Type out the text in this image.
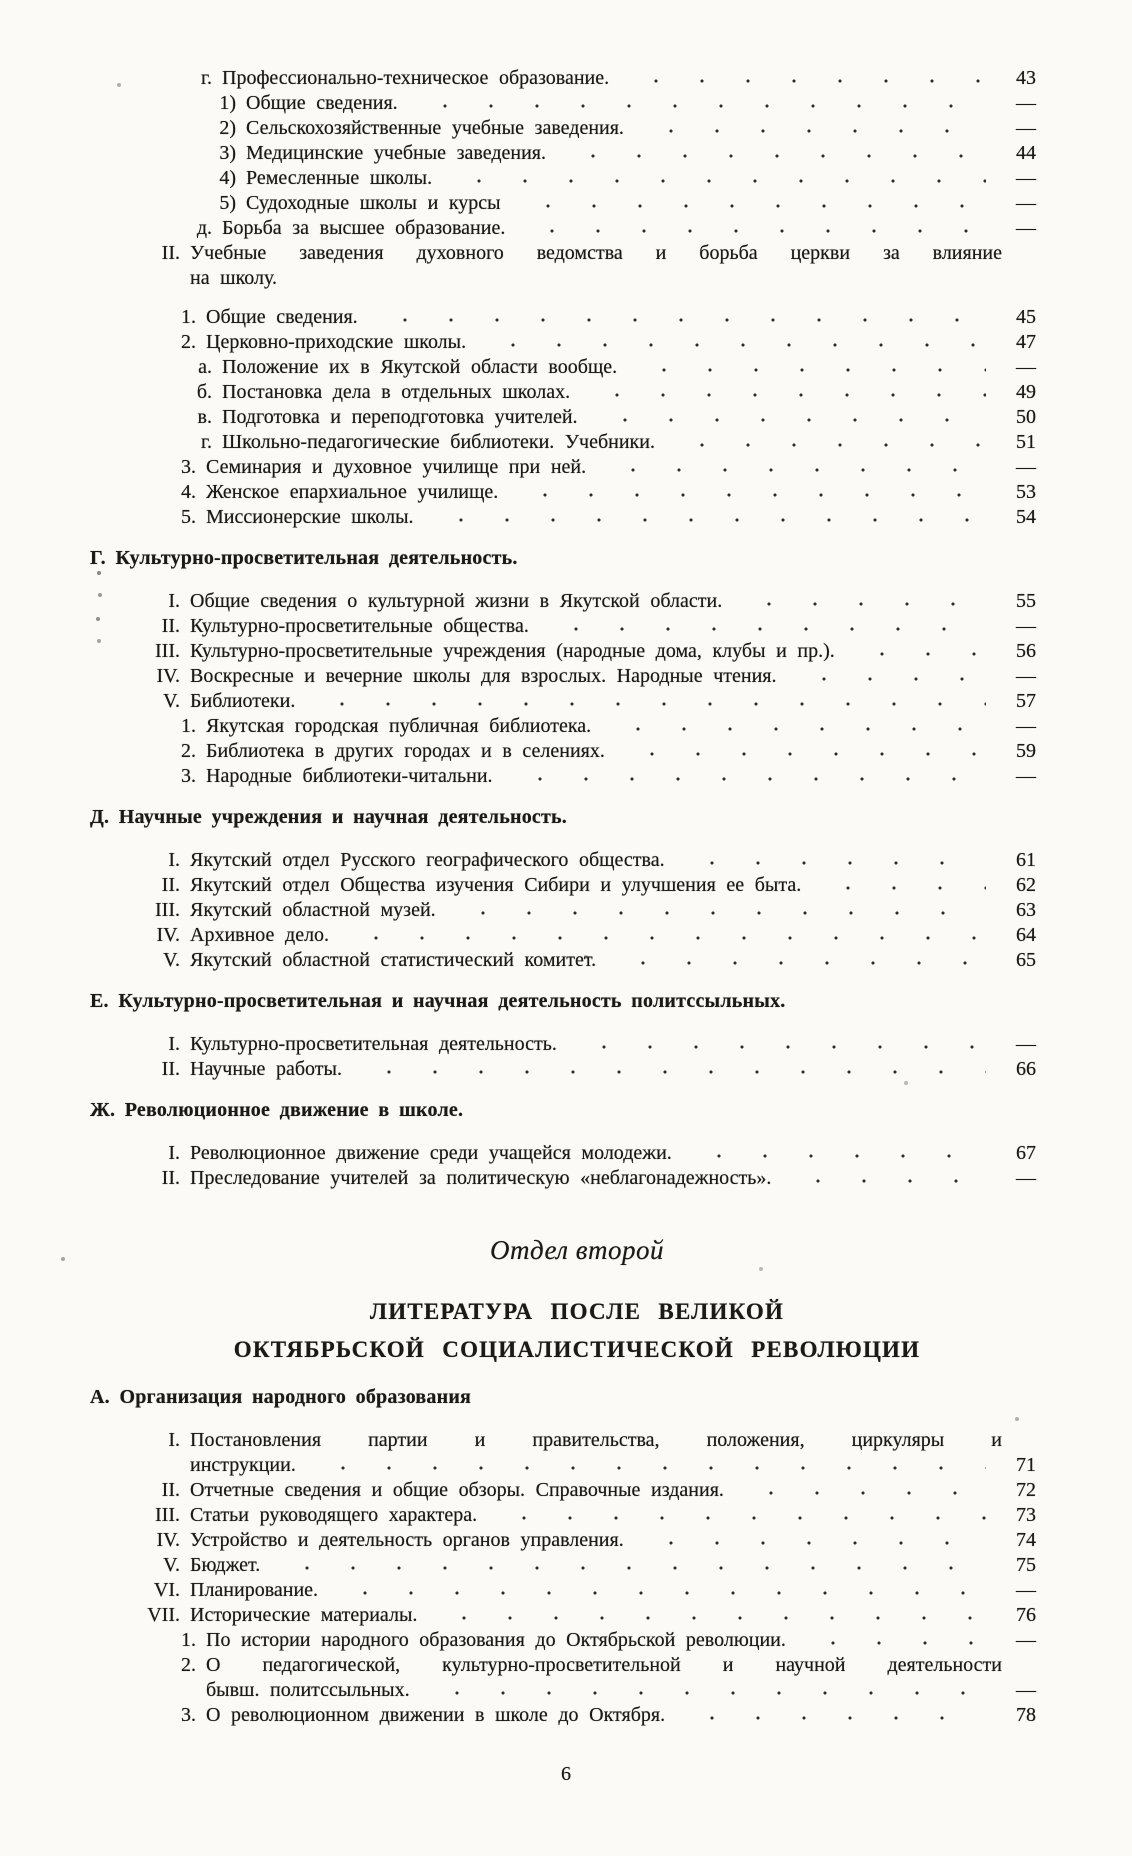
г. Профессионально-техническое образование.	43
1) Общие сведения.	—
2) Сельскохозяйственные учебные заведения.	—
3) Медицинские учебные заведения.	44
4) Ремесленные школы.	—
5) Судоходные школы и курсы	—
д. Борьба за высшее образование.	—
II. Учебные заведения духовного ведомства и борьба церкви за влияние

на школу.
1. Общие сведения.	45
2. Церковно-приходские школы.	47
а. Положение их в Якутской области вообще.	—
б. Постановка дела в отдельных школах.	49
в. Подготовка и переподготовка учителей.	50
г. Школьно-педагогические библиотеки. Учебники.	51
3. Семинария и духовное училище при ней.	—
4. Женское епархиальное училище.	53
5. Миссионерские школы.	54
Г. Культурно-просветительная деятельность.
I. Общие сведения о культурной жизни в Якутской области.	55
II. Культурно-просветительные общества.	—
III. Культурно-просветительные учреждения (народные дома, клубы и пр.).	56
IV. Воскресные и вечерние школы для взрослых. Народные чтения.	—
V. Библиотеки.	57
1. Якутская городская публичная библиотека.	—
2. Библиотека в других городах и в селениях.	59
3. Народные библиотеки-читальни.	—
Д. Научные учреждения и научная деятельность.
I. Якутский отдел Русского географического общества.	61
II. Якутский отдел Общества изучения Сибири и улучшения ее быта.	62
III. Якутский областной музей.	63
IV. Архивное дело.	64
V. Якутский областной статистический комитет.	65
Е. Культурно-просветительная и научная деятельность политссыльных.
I. Культурно-просветительная деятельность.	—
II. Научные работы.	66
Ж. Революционное движение в школе.
I. Революционное движение среди учащейся молодежи.	67
II. Преследование учителей за политическую «неблагонадежность».	—
Отдел второй
ЛИТЕРАТУРА ПОСЛЕ ВЕЛИКОЙ
ОКТЯБРЬСКОЙ СОЦИАЛИСТИЧЕСКОЙ РЕВОЛЮЦИИ
А. Организация народного образования
I. Постановления партии и правительства, положения, циркуляры и

инструкции.	71
II. Отчетные сведения и общие обзоры. Справочные издания.	72
III. Статьи руководящего характера.	73
IV. Устройство и деятельность органов управления.	74
V. Бюджет.	75
VI. Планирование.	—
VII. Исторические материалы.	76
1. По истории народного образования до Октябрьской революции.	—
2. О педагогической, культурно-просветительной и научной деятельности

бывш. политссыльных.	—
3. О революционном движении в школе до Октября.	78
6
